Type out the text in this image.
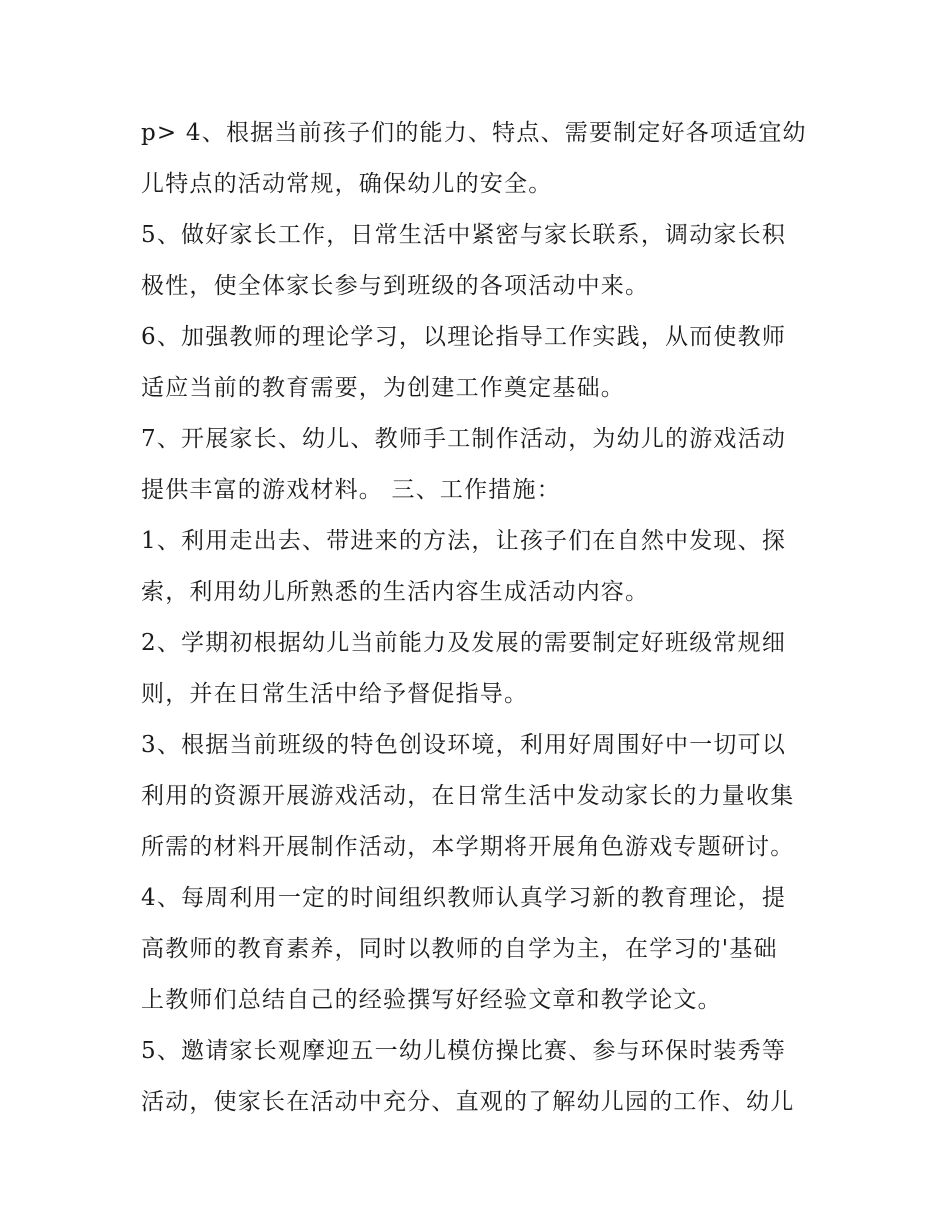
p> 4、根据当前孩子们的能力、特点、需要制定好各项适宜幼
儿特点的活动常规，确保幼儿的安全。
5、做好家长工作，日常生活中紧密与家长联系，调动家长积
极性，使全体家长参与到班级的各项活动中来。
6、加强教师的理论学习，以理论指导工作实践，从而使教师
适应当前的教育需要，为创建工作奠定基础。
7、开展家长、幼儿、教师手工制作活动，为幼儿的游戏活动
提供丰富的游戏材料。 三、工作措施：
1、利用走出去、带进来的方法，让孩子们在自然中发现、探
索，利用幼儿所熟悉的生活内容生成活动内容。
2、学期初根据幼儿当前能力及发展的需要制定好班级常规细
则，并在日常生活中给予督促指导。
3、根据当前班级的特色创设环境，利用好周围好中一切可以
利用的资源开展游戏活动，在日常生活中发动家长的力量收集
所需的材料开展制作活动，本学期将开展角色游戏专题研讨。
4、每周利用一定的时间组织教师认真学习新的教育理论，提
高教师的教育素养，同时以教师的自学为主，在学习的'基础
上教师们总结自己的经验撰写好经验文章和教学论文。
5、邀请家长观摩迎五一幼儿模仿操比赛、参与环保时装秀等
活动，使家长在活动中充分、直观的了解幼儿园的工作、幼儿
